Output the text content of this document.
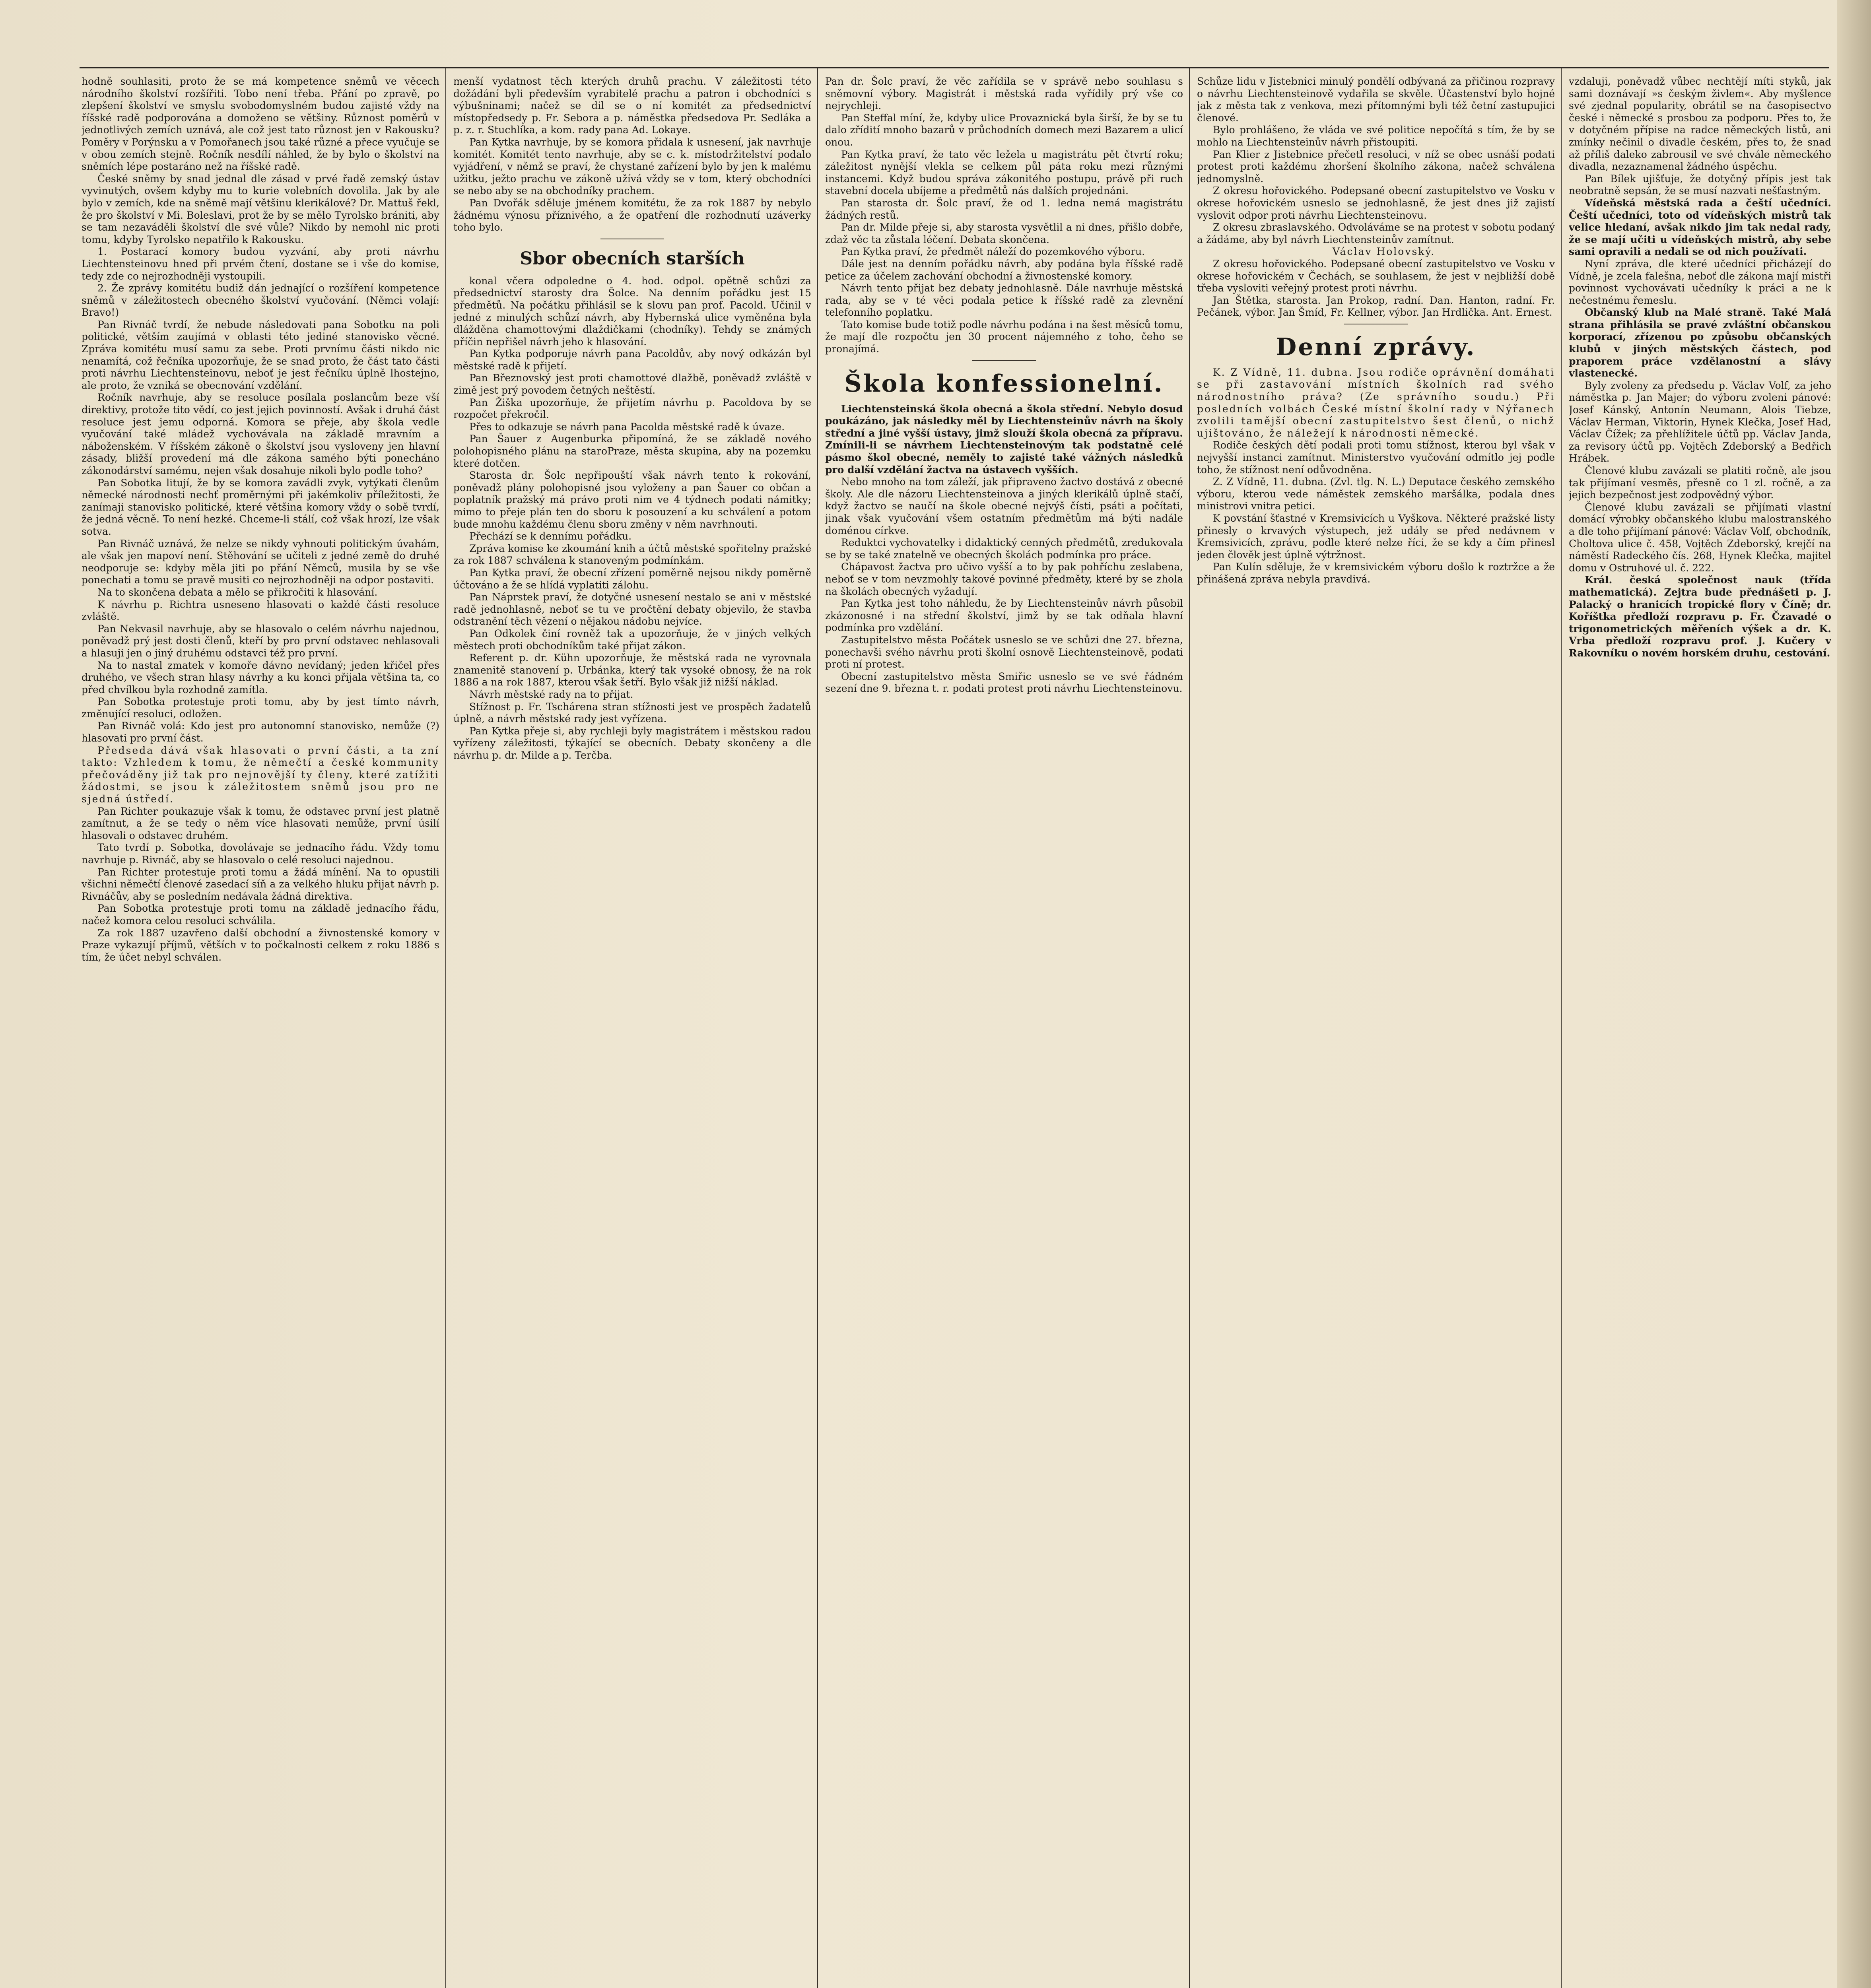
hodně souhlasiti, proto že se má kompetence sněmů ve věcech národního školství rozšířiti. Tobo není třeba. Přání po zpravě, po zlepšení školství ve smyslu svobodomyslném budou zajisté vždy na říšské radě podporována a domoženo se většiny. Různost poměrů v jednotlivých zemích uznává, ale což jest tato různost jen v Rakousku? Poměry v Porýnsku a v Pomořanech jsou také různé a přece vyučuje se v obou zemích stejně. Ročník nesdílí náhled, že by bylo o školství na sněmích lépe postaráno než na říšské radě.

České sněmy by snad jednal dle zásad v prvé řadě zemský ústav vyvinutých, ovšem kdyby mu to kurie volebních dovolila. Jak by ale bylo v zemích, kde na sněmě mají většinu klerikálové? Dr. Mattuš řekl, že pro školství v Mi. Boleslavi, prot že by se mělo Tyrolsko brániti, aby se tam nezaváděli školství dle své vůle? Nikdo by nemohl nic proti tomu, kdyby Tyrolsko nepatřilo k Rakousku.

1. Postarací komory budou vyzvání, aby proti návrhu Liechtensteinovu hned při prvém čtení, dostane se i vše do komise, tedy zde co nejrozhodněji vystoupili.

2. Že zprávy komitétu budiž dán jednající o rozšíření kompetence sněmů v záležitostech obecného školství vyučování. (Němci volají: Bravo!)

Pan Rivnáč tvrdí, že nebude následovati pana Sobotku na poli politické, větším zaujímá v oblasti této jediné stanovisko věcné. Zpráva komitétu musí samu za sebe. Proti prvnímu části nikdo nic nenamítá, což řečníka upozorňuje, že se snad proto, že část tato části proti návrhu Liechtensteinovu, neboť je jest řečníku úplně lhostejno, ale proto, že vzniká se obecnování vzdělání.

Ročník navrhuje, aby se resoluce posílala poslancům beze vší direktivy, protože tito vědí, co jest jejich povinností. Avšak i druhá část resoluce jest jemu odporná. Komora se přeje, aby škola vedle vyučování také mládež vychovávala na základě mravním a náboženském. V říšském zákoně o školství jsou vysloveny jen hlavní zásady, bližší provedení má dle zákona samého býti ponecháno zákonodárství samému, nejen však dosahuje nikoli bylo podle toho?

Pan Sobotka litují, že by se komora zavádli zvyk, vytýkati členům německé národnosti nechť proměrnými při jakémkoliv příležitosti, že zanímaji stanovisko politické, které většina komory vždy o sobě tvrdí, že jedná věcně. To není hezké. Chceme-li stálí, což však hrozí, lze však sotva.

Pan Rivnáč uznává, že nelze se nikdy vyhnouti politickým úvahám, ale však jen mapoví není. Stěhování se učiteli z jedné země do druhé neodporuje se: kdyby měla jiti po přání Němců, musila by se vše ponechati a tomu se pravě musiti co nejrozhodněji na odpor postaviti.

Na to skončena debata a mělo se přikročiti k hlasování.

K návrhu p. Richtra usneseno hlasovati o každé části resoluce zvláště.

Pan Nekvasil navrhuje, aby se hlasovalo o celém návrhu najednou, poněvadž prý jest dosti členů, kteří by pro první odstavec nehlasovali a hlasuji jen o jiný druhému odstavci též pro první.

Na to nastal zmatek v komoře dávno nevídaný; jeden křičel přes druhého, ve všech stran hlasy návrhy a ku konci přijala většina ta, co před chvílkou byla rozhodně zamítla.

Pan Sobotka protestuje proti tomu, aby by jest tímto návrh, změnující resoluci, odložen.

Pan Rivnáč volá: Kdo jest pro autonomní stanovisko, nemůže (?) hlasovati pro první část.

Předseda dává však hlasovati o první části, a ta zní takto: Vzhledem k tomu, že němečtí a české kommunity přečováděny již tak pro nejnovější ty členy, které zatížiti žádostmi, se jsou k záležitostem sněmů jsou pro ne sjedná ústředí.

Pan Richter poukazuje však k tomu, že odstavec první jest platně zamítnut, a že se tedy o něm více hlasovati nemůže, první úsilí hlasovali o odstavec druhém.

Tato tvrdí p. Sobotka, dovolávaje se jednacího řádu. Vždy tomu navrhuje p. Rivnáč, aby se hlasovalo o celé resoluci najednou.

Pan Richter protestuje proti tomu a žádá mínění. Na to opustili všichni němečtí členové zasedací síň a za velkého hluku přijat návrh p. Rivnáčův, aby se posledním nedávala žádná direktiva.

Pan Sobotka protestuje proti tomu na základě jednacího řádu, načež komora celou resoluci schválila.

Za rok 1887 uzavřeno další obchodní a živnostenské komory v Praze vykazují příjmů, větších v to počkalnosti celkem z roku 1886 s tím, že účet nebyl schválen.

menší vydatnost těch kterých druhů prachu. V záležitosti této dožádání byli především vyrabitelé prachu a patron i obchodníci s výbušninami; načež se dil se o ní komitét za předsednictví místopředsedy p. Fr. Sebora a p. náměstka předsedova Pr. Sedláka a p. z. r. Stuchlíka, a kom. rady pana Ad. Lokaye.

Pan Kytka navrhuje, by se komora přidala k usnesení, jak navrhuje komitét. Komitét tento navrhuje, aby se c. k. místodržitelství podalo vyjádření, v němž se praví, že chystané zařízení bylo by jen k malému užitku, ježto prachu ve zákoně užívá vždy se v tom, který obchodníci se nebo aby se na obchodníky prachem.

Pan Dvořák sděluje jménem komitétu, že za rok 1887 by nebylo žádnému výnosu příznivého, a že opatření dle rozhodnutí uzáverky toho bylo.

Sbor obecních starších

konal včera odpoledne o 4. hod. odpol. opětně schůzi za předsednictví starosty dra Šolce. Na denním pořádku jest 15 předmětů. Na počátku přihlásil se k slovu pan prof. Pacold. Učinil v jedné z minulých schůzí návrh, aby Hybernská ulice vyměněna byla dlážděna chamottovými dlaždičkami (chodníky). Tehdy se známých příčin nepřišel návrh jeho k hlasování.

Pan Kytka podporuje návrh pana Pacoldův, aby nový odkázán byl městské radě k přijetí.

Pan Březnovský jest proti chamottové dlažbě, poněvadž zvláště v zimě jest prý povodem četných neštěstí.

Pan Žiška upozorňuje, že přijetím návrhu p. Pacoldova by se rozpočet překročil.

Přes to odkazuje se návrh pana Pacolda městské radě k úvaze.

Pan Šauer z Augenburka připomíná, že se základě nového polohopisného plánu na staroPraze, města skupina, aby na pozemku které dotčen.

Starosta dr. Šolc nepřipouští však návrh tento k rokování, poněvadž plány polohopisné jsou vyloženy a pan Šauer co občan a poplatník pražský má právo proti nim ve 4 týdnech podati námitky; mimo to přeje plán ten do sboru k posouzení a ku schválení a potom bude mnohu každému členu sboru změny v něm navrhnouti.

Přechází se k dennímu pořádku.

Zpráva komise ke zkoumání knih a účtů městské spořitelny pražské za rok 1887 schválena k stanoveným podmínkám.

Pan Kytka praví, že obecní zřízení poměrně nejsou nikdy poměrně účtováno a že se hlídá vyplatiti zálohu.

Pan Náprstek praví, že dotyčné usnesení nestalo se ani v městské radě jednohlasně, neboť se tu ve pročtění debaty objevilo, že stavba odstranění těch vězení o nějakou nádobu nejvíce.

Pan Odkolek činí rovněž tak a upozorňuje, že v jiných velkých městech proti obchodníkům také přijat zákon.

Referent p. dr. Kühn upozorňuje, že městská rada ne vyrovnala znamenitě stanovení p. Urbánka, který tak vysoké obnosy, že na rok 1886 a na rok 1887, kterou však šetří. Bylo však již nižší náklad.

Návrh městské rady na to přijat.

Stížnost p. Fr. Tschárena stran stížnosti jest ve prospěch žadatelů úplně, a návrh městské rady jest vyřízena.

Pan Kytka přeje si, aby rychleji byly magistrátem i městskou radou vyřízeny záležitosti, týkající se obecních. Debaty skončeny a dle návrhu p. dr. Milde a p. Terčba.

Pan dr. Šolc praví, že věc zařídila se v správě nebo souhlasu s sněmovní výbory. Magistrát i městská rada vyřídily prý vše co nejrychleji.

Pan Steffal míní, že, kdyby ulice Provaznická byla širší, že by se tu dalo zřídití mnoho bazarů v průchodních domech mezi Bazarem a ulicí onou.

Pan Kytka praví, že tato věc ležela u magistrátu pět čtvrtí roku; záležitost nynější vlekla se celkem půl páta roku mezi různými instancemi. Když budou správa zákonitého postupu, právě při ruch stavební docela ubíjeme a předmětů nás dalších projednáni.

Pan starosta dr. Šolc praví, že od 1. ledna nemá magistrátu žádných restů.

Pan dr. Milde přeje si, aby starosta vysvětlil a ni dnes, přišlo dobře, zdaž věc ta zůstala léčení. Debata skončena.

Pan Kytka praví, že předmět náleží do pozemkového výboru.

Dále jest na denním pořádku návrh, aby podána byla říšské radě petice za účelem zachování obchodní a živnostenské komory.

Návrh tento přijat bez debaty jednohlasně. Dále navrhuje městská rada, aby se v té věci podala petice k říšské radě za zlevnění telefonního poplatku.

Tato komise bude totiž podle návrhu podána i na šest měsíců tomu, že mají dle rozpočtu jen 30 procent nájemného z toho, čeho se pronajímá.

Škola konfessionelní.

Liechtensteinská škola obecná a škola střední. Nebylo dosud poukázáno, jak následky měl by Liechtensteinův návrh na školy střední a jiné vyšší ústavy, jimž slouží škola obecná za přípravu. Zmínili-li se návrhem Liechtensteinovým tak podstatně celé pásmo škol obecné, neměly to zajisté také vážných následků pro další vzdělání žactva na ústavech vyšších.

Nebo mnoho na tom záleží, jak připraveno žactvo dostává z obecné školy. Ale dle názoru Liechtensteinova a jiných klerikálů úplně stačí, když žactvo se naučí na škole obecné nejvýš čísti, psáti a počítati, jinak však vyučování všem ostatním předmětům má býti nadále doménou církve.

Reduktci vychovatelky i didaktický cenných předmětů, zredukovala se by se také znatelně ve obecných školách podmínka pro práce.

Chápavost žactva pro učivo vyšší a to by pak pohříchu zeslabena, neboť se v tom nevzmohly takové povinné předměty, které by se zhola na školách obecných vyžadují.

Pan Kytka jest toho náhledu, že by Liechtensteinův návrh působil zkázonosné i na střední školství, jimž by se tak odňala hlavní podmínka pro vzdělání.

Zastupitelstvo města Počátek usneslo se ve schůzi dne 27. března, ponechavši svého návrhu proti školní osnově Liechtensteinově, podati proti ní protest.

Obecní zastupitelstvo města Smiřic usneslo se ve své řádném sezení dne 9. března t. r. podati protest proti návrhu Liechtensteinovu.

Schůze lidu v Jistebnici minulý pondělí odbývaná za přičinou rozpravy o návrhu Liechtensteinově vydařila se skvěle. Účastenství bylo hojné jak z města tak z venkova, mezi přítomnými byli též četní zastupujici členové.

Bylo prohlášeno, že vláda ve své politice nepočítá s tím, že by se mohlo na Liechtensteinův návrh přistoupiti.

Pan Klier z Jistebnice přečetl resoluci, v níž se obec usnáší podati protest proti každému zhoršení školního zákona, načež schválena jednomyslně.

Z okresu hořovického. Podepsané obecní zastupitelstvo ve Vosku v okrese hořovickém usneslo se jednohlasně, že jest dnes již zajistí vyslovit odpor proti návrhu Liechtensteinovu.

Z okresu zbraslavského. Odvoláváme se na protest v sobotu podaný a žádáme, aby byl návrh Liechtensteinův zamítnut.

Václav Holovský.

Z okresu hořovického. Podepsané obecní zastupitelstvo ve Vosku v okrese hořovickém v Čechách, se souhlasem, že jest v nejbližší době třeba vysloviti veřejný protest proti návrhu.

Jan Štětka, starosta. Jan Prokop, radní. Dan. Hanton, radní. Fr. Pečánek, výbor. Jan Šmíd, Fr. Kellner, výbor. Jan Hrdlička. Ant. Ernest.

Denní zprávy.

K. Z Vídně, 11. dubna. Jsou rodiče oprávnění domáhati se při zastavování místních školních rad svého národnostního práva? (Ze správního soudu.) Při posledních volbách České místní školní rady v Nýřanech zvolili tamější obecní zastupitelstvo šest členů, o nichž ujištováno, že náležejí k národnosti německé.

Rodiče českých dětí podali proti tomu stížnost, kterou byl však v nejvyšší instanci zamítnut. Ministerstvo vyučování odmítlo jej podle toho, že stížnost není odůvodněna.

Z. Z Vídně, 11. dubna. (Zvl. tlg. N. L.) Deputace českého zemského výboru, kterou vede náměstek zemského maršálka, podala dnes ministrovi vnitra petici.

K povstání šťastné v Kremsivicích u Vyškova. Některé pražské listy přinesly o krvavých výstupech, jež udály se před nedávnem v Kremsivicích, zprávu, podle které nelze říci, že se kdy a čím přinesl jeden člověk jest úplně výtržnost.

Pan Kulín sděluje, že v kremsivickém výboru došlo k roztržce a že přinášená zpráva nebyla pravdivá.

vzdaluji, poněvadž vůbec nechtějí míti styků, jak sami doznávají »s českým živlem«. Aby myšlence své zjednal popularity, obrátil se na časopisectvo české i německé s prosbou za podporu. Přes to, že v dotyčném přípise na radce německých listů, ani zmínky nečinil o divadle českém, přes to, že snad až příliš daleko zabrousil ve své chvále německého divadla, nezaznamenal žádného úspěchu.

Pan Bílek ujišťuje, že dotyčný přípis jest tak neobratně sepsán, že se musí nazvati nešťastným.

Vídeňská městská rada a čeští učedníci. Čeští učedníci, toto od vídeňských mistrů tak velice hledaní, avšak nikdo jim tak nedal rady, že se mají učiti u vídeňských mistrů, aby sebe sami opravili a nedali se od nich používati.

Nyní zpráva, dle které učedníci přicházejí do Vídně, je zcela falešna, neboť dle zákona mají mistři povinnost vychovávati učedníky k práci a ne k nečestnému řemeslu.

Občanský klub na Malé straně. Také Malá strana přihlásila se pravé zvláštní občanskou korporací, zřízenou po způsobu občanských klubů v jiných městských částech, pod praporem práce vzdělanostní a slávy vlastenecké.

Byly zvoleny za předsedu p. Václav Volf, za jeho náměstka p. Jan Majer; do výboru zvoleni pánové: Josef Kánský, Antonín Neumann, Alois Tiebze, Václav Herman, Viktorin, Hynek Klečka, Josef Had, Václav Čížek; za přehlížitele účtů pp. Václav Janda, za revisory účtů pp. Vojtěch Zdeborský a Bedřich Hrábek.

Členové klubu zavázali se platiti ročně, ale jsou tak přijímaní vesměs, přesně co 1 zl. ročně, a za jejich bezpečnost jest zodpovědný výbor.

Členové klubu zavázali se přijímati vlastní domácí výrobky občanského klubu malostranského a dle toho přijímaní pánové: Václav Volf, obchodník, Choltova ulice č. 458, Vojtěch Zdeborský, krejčí na náměstí Radeckého čís. 268, Hynek Klečka, majitel domu v Ostruhové ul. č. 222.

Král. česká společnost nauk (třída mathematická). Zejtra bude přednášeti p. J. Palacký o hranicích tropické flory v Číně; dr. Koříštka předloží rozpravu p. Fr. Čzavadé o trigonometrických měřeních výšek a dr. K. Vrba předloží rozpravu prof. J. Kučery v Rakovníku o novém horském druhu, cestování.
